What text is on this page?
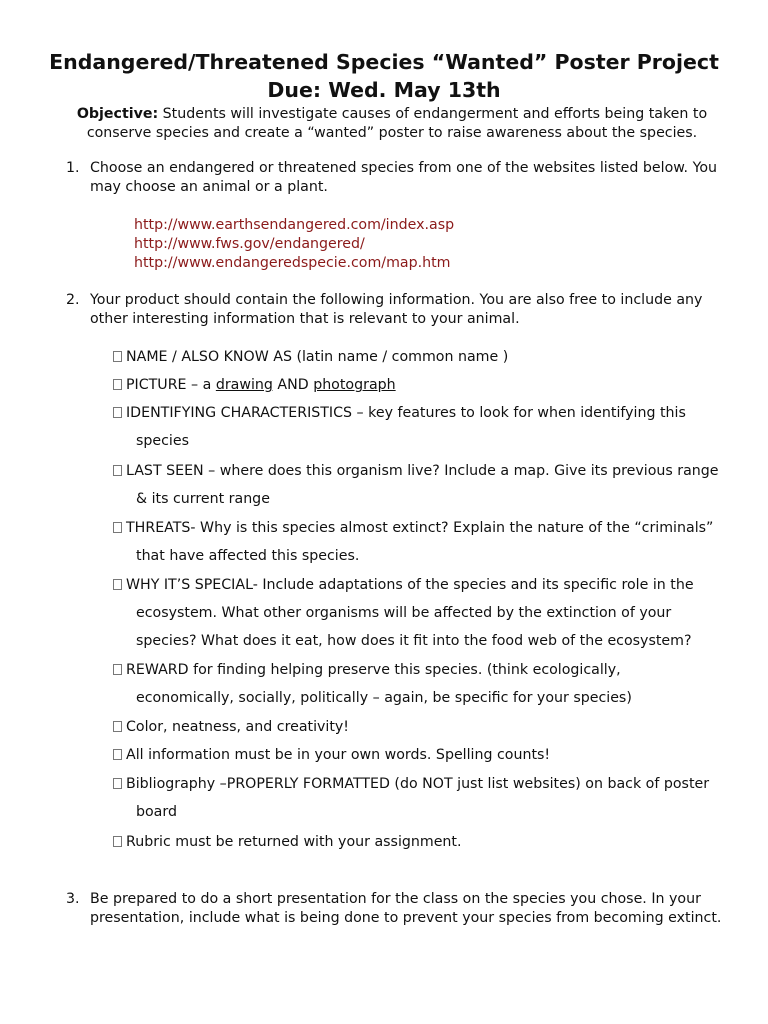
Endangered/Threatened Species “Wanted” Poster Project
Due: Wed. May 13th
Objective: Students will investigate causes of endangerment and efforts being taken to conserve species and create a “wanted” poster to raise awareness about the species.
1. Choose an endangered or threatened species from one of the websites listed below. You may choose an animal or a plant.
http://www.earthsendangered.com/index.asp
http://www.fws.gov/endangered/
http://www.endangeredspecie.com/map.htm
2. Your product should contain the following information. You are also free to include any other interesting information that is relevant to your animal.
NAME / ALSO KNOW AS (latin name / common name )
PICTURE – a drawing AND photograph
IDENTIFYING CHARACTERISTICS – key features to look for when identifying this
species
LAST SEEN – where does this organism live? Include a map. Give its previous range
& its current range
THREATS- Why is this species almost extinct? Explain the nature of the “criminals”
that have affected this species.
WHY IT’S SPECIAL- Include adaptations of the species and its specific role in the
ecosystem. What other organisms will be affected by the extinction of your
species? What does it eat, how does it fit into the food web of the ecosystem?
REWARD for finding helping preserve this species. (think ecologically,
economically, socially, politically – again, be specific for your species)
Color, neatness, and creativity!
All information must be in your own words. Spelling counts!
Bibliography –PROPERLY FORMATTED (do NOT just list websites) on back of poster
board
Rubric must be returned with your assignment.
3. Be prepared to do a short presentation for the class on the species you chose. In your presentation, include what is being done to prevent your species from becoming extinct.
